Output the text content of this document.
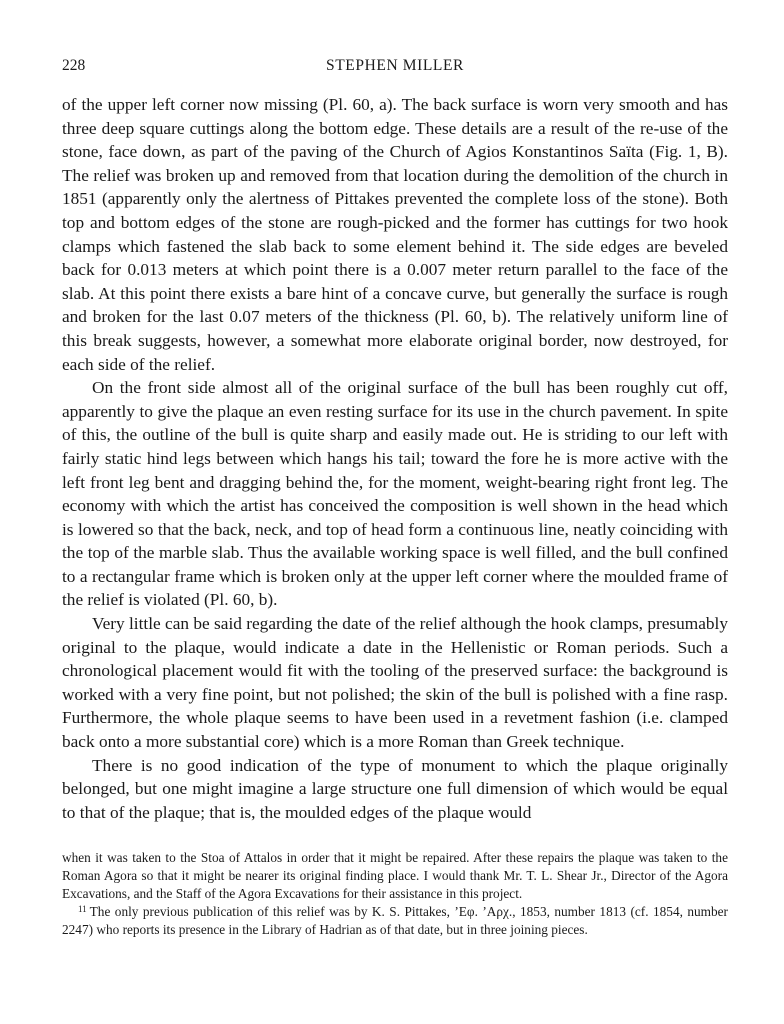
228	STEPHEN MILLER

of the upper left corner now missing (Pl. 60, a). The back surface is worn very smooth and has three deep square cuttings along the bottom edge. These details are a result of the re-use of the stone, face down, as part of the paving of the Church of Agios Konstantinos Saïta (Fig. 1, B). The relief was broken up and removed from that location during the demolition of the church in 1851 (apparently only the alertness of Pittakes prevented the complete loss of the stone). Both top and bottom edges of the stone are rough-picked and the former has cuttings for two hook clamps which fastened the slab back to some element behind it. The side edges are beveled back for 0.013 meters at which point there is a 0.007 meter return parallel to the face of the slab. At this point there exists a bare hint of a concave curve, but generally the surface is rough and broken for the last 0.07 meters of the thickness (Pl. 60, b). The relatively uniform line of this break suggests, however, a somewhat more elaborate original border, now destroyed, for each side of the relief.

On the front side almost all of the original surface of the bull has been roughly cut off, apparently to give the plaque an even resting surface for its use in the church pavement. In spite of this, the outline of the bull is quite sharp and easily made out. He is striding to our left with fairly static hind legs between which hangs his tail; toward the fore he is more active with the left front leg bent and dragging behind the, for the moment, weight-bearing right front leg. The economy with which the artist has conceived the composition is well shown in the head which is lowered so that the back, neck, and top of head form a continuous line, neatly coinciding with the top of the marble slab. Thus the available working space is well filled, and the bull confined to a rectangular frame which is broken only at the upper left corner where the moulded frame of the relief is violated (Pl. 60, b).

Very little can be said regarding the date of the relief although the hook clamps, presumably original to the plaque, would indicate a date in the Hellenistic or Roman periods. Such a chronological placement would fit with the tooling of the preserved surface: the background is worked with a very fine point, but not polished; the skin of the bull is polished with a fine rasp. Furthermore, the whole plaque seems to have been used in a revetment fashion (i.e. clamped back onto a more substantial core) which is a more Roman than Greek technique.

There is no good indication of the type of monument to which the plaque originally belonged, but one might imagine a large structure one full dimension of which would be equal to that of the plaque; that is, the moulded edges of the plaque would

when it was taken to the Stoa of Attalos in order that it might be repaired. After these repairs the plaque was taken to the Roman Agora so that it might be nearer its original finding place. I would thank Mr. T. L. Shear Jr., Director of the Agora Excavations, and the Staff of the Agora Excavations for their assistance in this project.

$^{11}$ The only previous publication of this relief was by K. S. Pittakes, ’Eφ. ’Aρχ., 1853, number 1813 (cf. 1854, number 2247) who reports its presence in the Library of Hadrian as of that date, but in three joining pieces.
